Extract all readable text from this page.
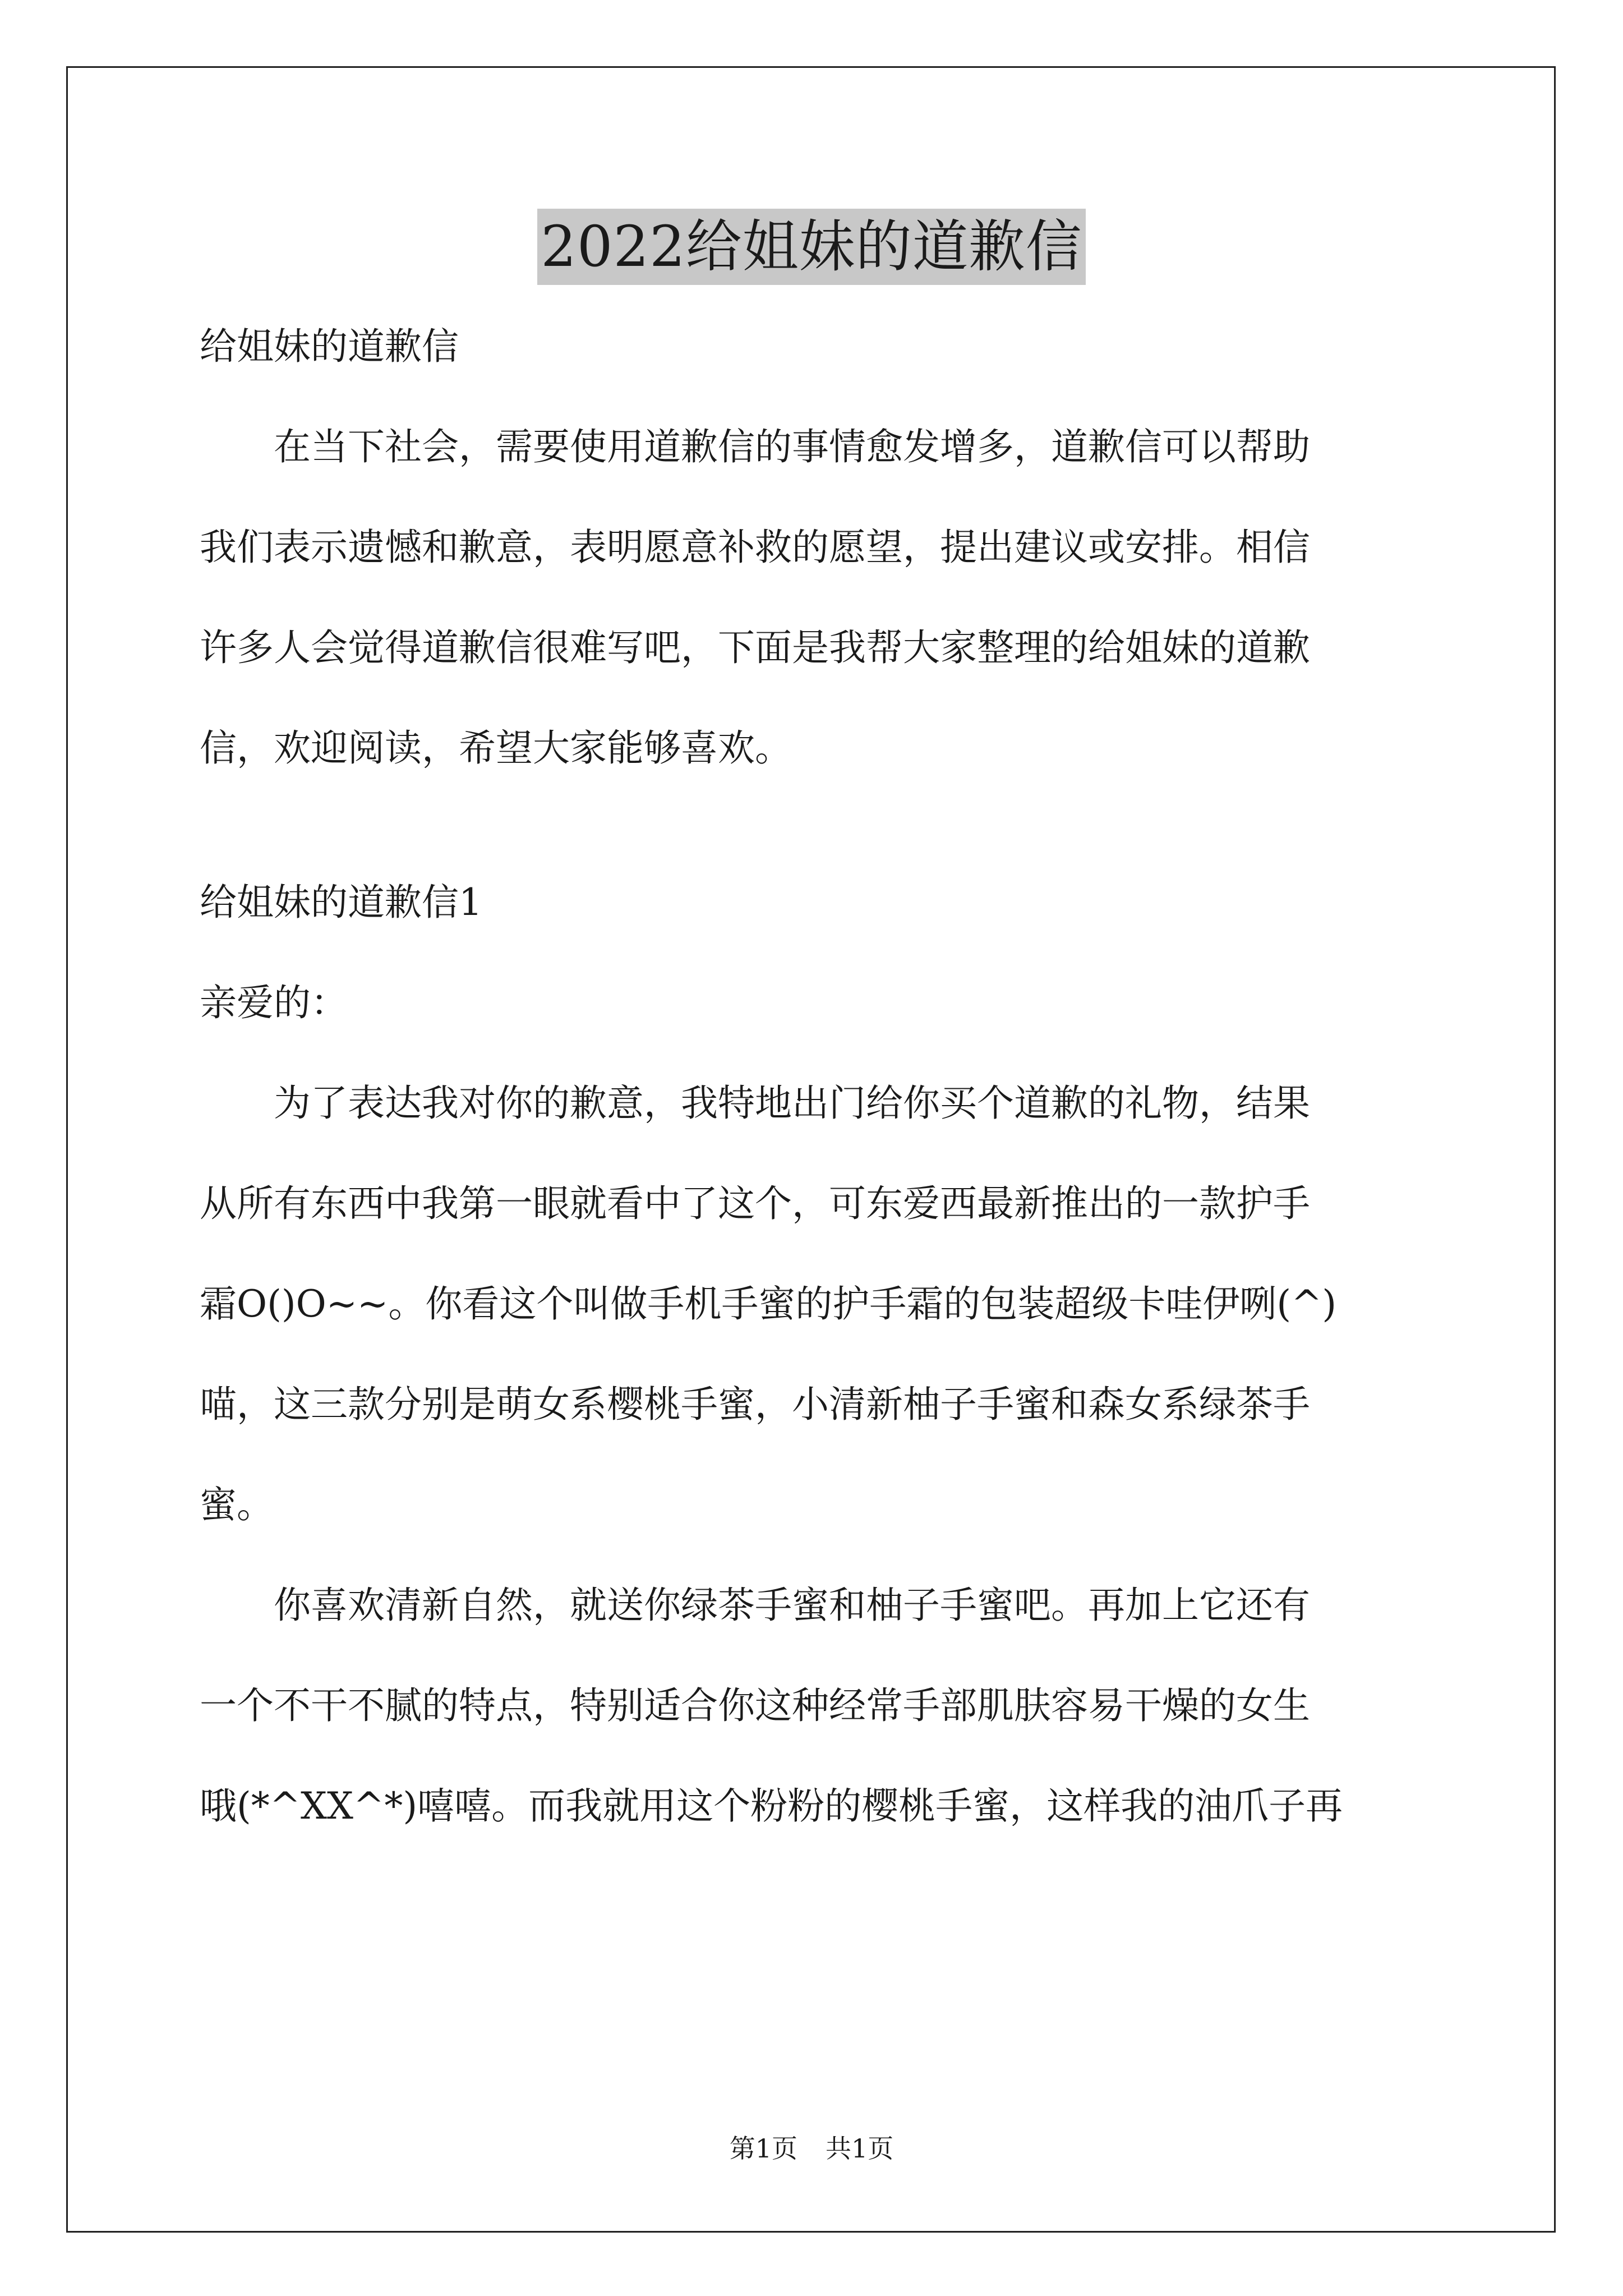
2022给姐妹的道歉信

给姐妹的道歉信

　　在当下社会，需要使用道歉信的事情愈发增多，道歉信可以帮助

我们表示遗憾和歉意，表明愿意补救的愿望，提出建议或安排。相信

许多人会觉得道歉信很难写吧，下面是我帮大家整理的给姐妹的道歉

信，欢迎阅读，希望大家能够喜欢。

给姐妹的道歉信1

亲爱的：

　　为了表达我对你的歉意，我特地出门给你买个道歉的礼物，结果

从所有东西中我第一眼就看中了这个，可东爱西最新推出的一款护手

霜O()O~~。你看这个叫做手机手蜜的护手霜的包装超级卡哇伊咧(^)

喵，这三款分别是萌女系樱桃手蜜，小清新柚子手蜜和森女系绿茶手

蜜。

　　你喜欢清新自然，就送你绿茶手蜜和柚子手蜜吧。再加上它还有

一个不干不腻的特点，特别适合你这种经常手部肌肤容易干燥的女生

哦(*^XX^*)嘻嘻。而我就用这个粉粉的樱桃手蜜，这样我的油爪子再

第1页 共1页
